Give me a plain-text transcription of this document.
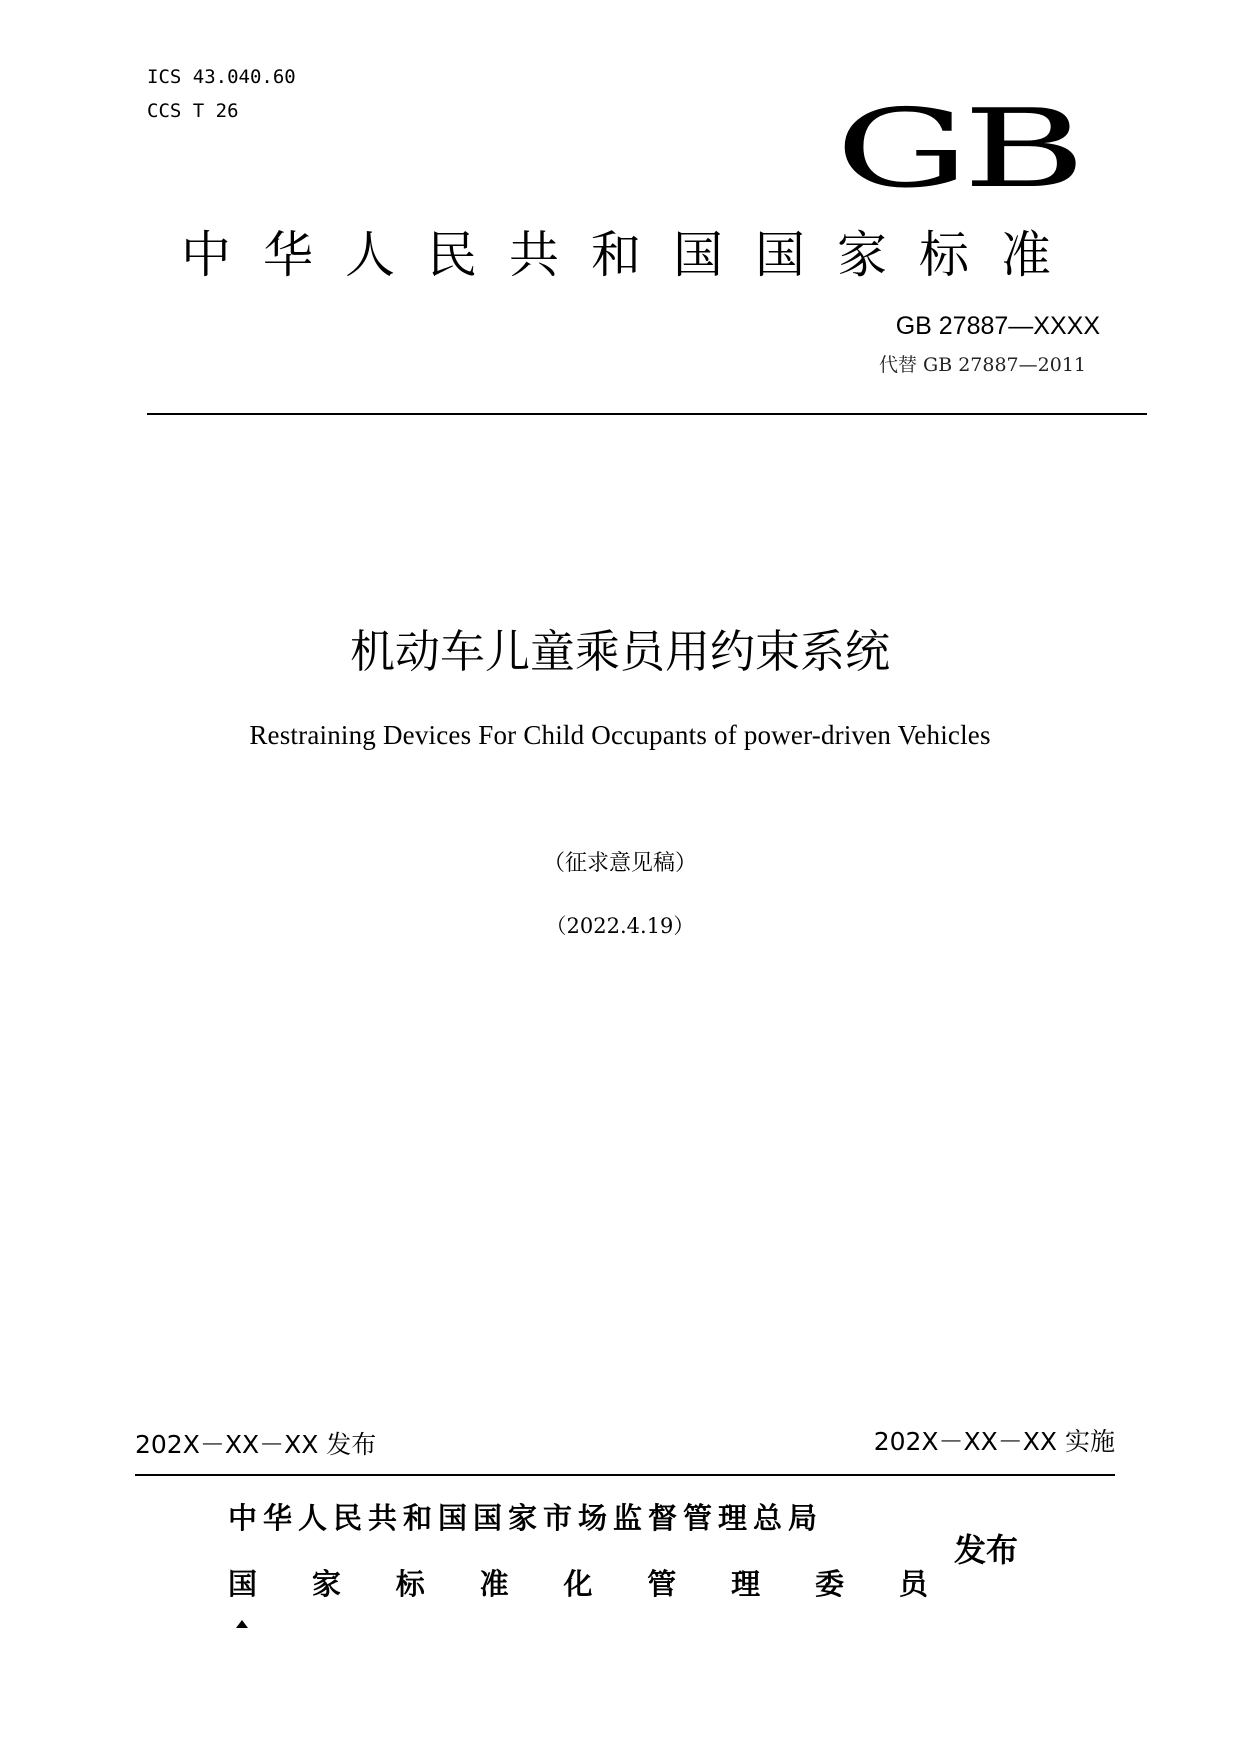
ICS 43.040.60
CCS T 26	GB
中华人民共和国国家标准
GB 27887—XXXX
代替 GB 27887—2011
机动车儿童乘员用约束系统
Restraining Devices For Child Occupants of power-driven Vehicles
（征求意见稿）
（2022.4.19）
202X－XX－XX 发布	202X－XX－XX 实施
中华人民共和国国家市场监督管理总局
国 家 标 准 化 管 理 委 员
发布
